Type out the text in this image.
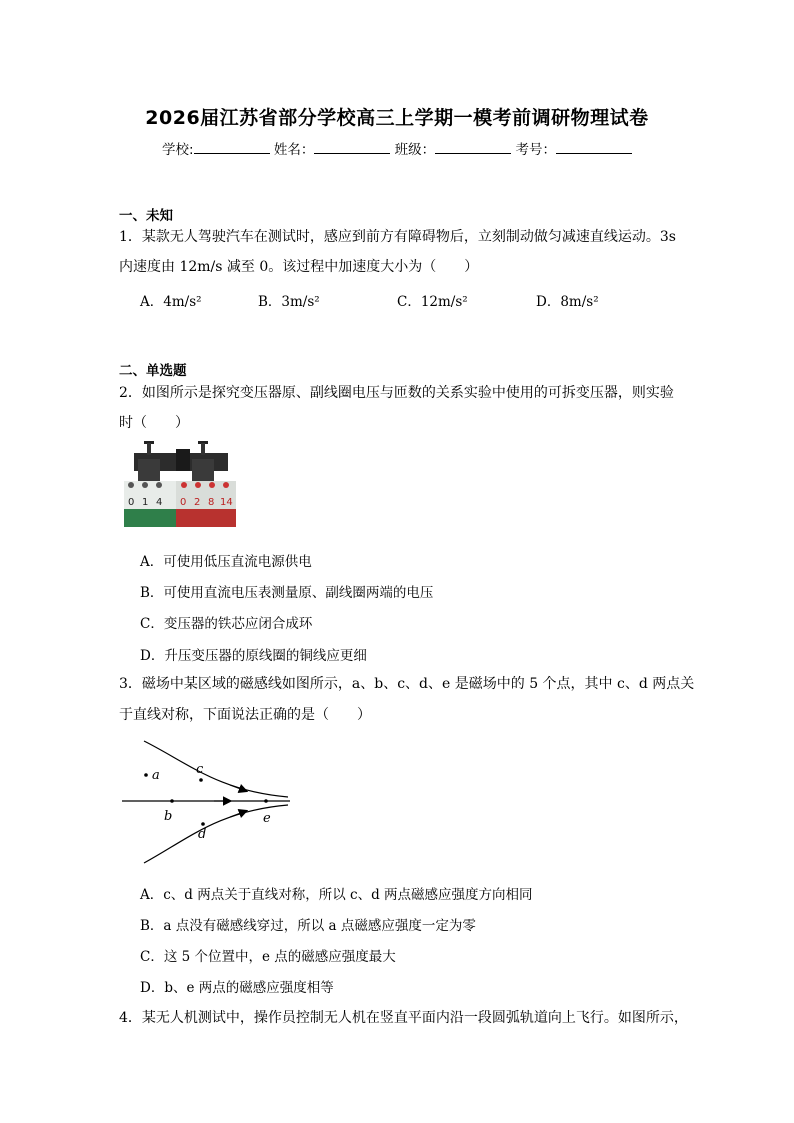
2026届江苏省部分学校高三上学期一模考前调研物理试卷
学校:	姓名：	班级：	考号：
一、未知
1．某款无人驾驶汽车在测试时，感应到前方有障碍物后，立刻制动做匀减速直线运动。3s
内速度由 12m/s 减至 0。该过程中加速度大小为（　　）
A．4m/s²	B．3m/s²	C．12m/s²	D．8m/s²
二、单选题
2．如图所示是探究变压器原、副线圈电压与匝数的关系实验中使用的可拆变压器，则实验
时（　　）
0 1 4 0 2 8 14
A．可使用低压直流电源供电
B．可使用直流电压表测量原、副线圈两端的电压
C．变压器的铁芯应闭合成环
D．升压变压器的原线圈的铜线应更细
3．磁场中某区域的磁感线如图所示，a、b、c、d、e 是磁场中的 5 个点，其中 c、d 两点关
于直线对称，下面说法正确的是（　　）
a
b
c
d
e
A．c、d 两点关于直线对称，所以 c、d 两点磁感应强度方向相同
B．a 点没有磁感线穿过，所以 a 点磁感应强度一定为零
C．这 5 个位置中，e 点的磁感应强度最大
D．b、e 两点的磁感应强度相等
4．某无人机测试中，操作员控制无人机在竖直平面内沿一段圆弧轨道向上飞行。如图所示，
